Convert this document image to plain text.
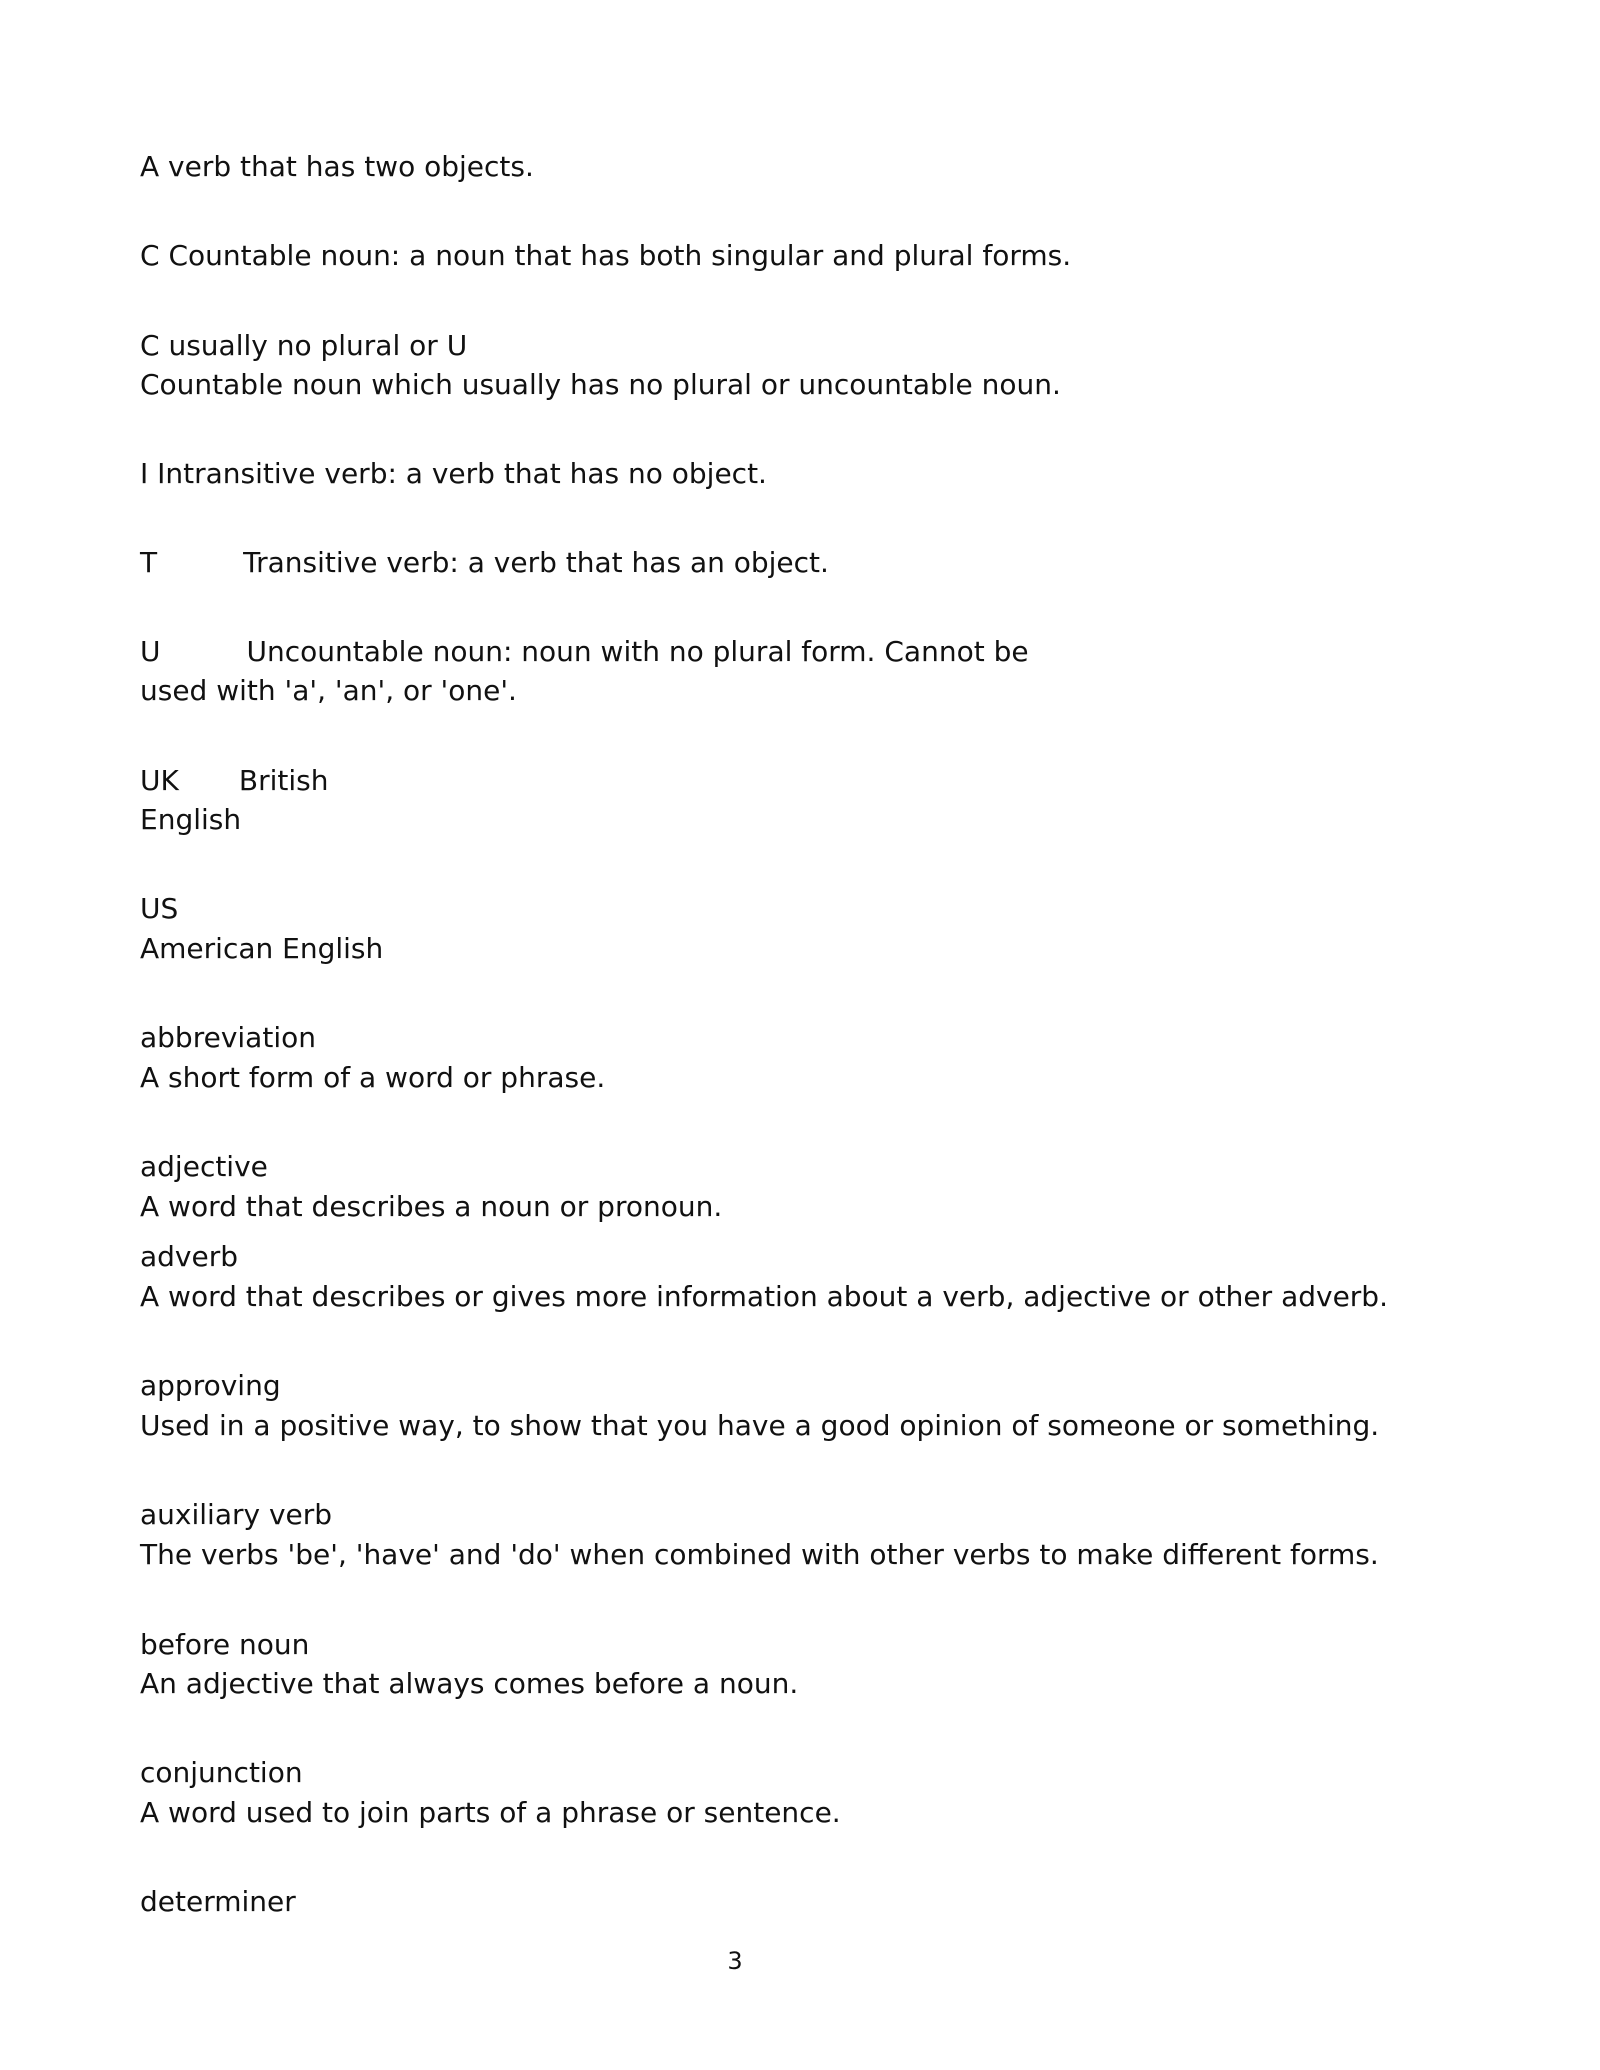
A verb that has two objects.
C Countable noun: a noun that has both singular and plural forms.
C usually no plural or U
Countable noun which usually has no plural or uncountable noun.
I Intransitive verb: a verb that has no object.
T	Transitive verb: a verb that has an object.
U	Uncountable noun: noun with no plural form. Cannot be
used with 'a', 'an', or 'one'.
UK British
English
US
American English
abbreviation
A short form of a word or phrase.
adjective
A word that describes a noun or pronoun.
adverb
A word that describes or gives more information about a verb, adjective or other adverb.
approving
Used in a positive way, to show that you have a good opinion of someone or something.
auxiliary verb
The verbs 'be', 'have' and 'do' when combined with other verbs to make different forms.
before noun
An adjective that always comes before a noun.
conjunction
A word used to join parts of a phrase or sentence.
determiner
3
